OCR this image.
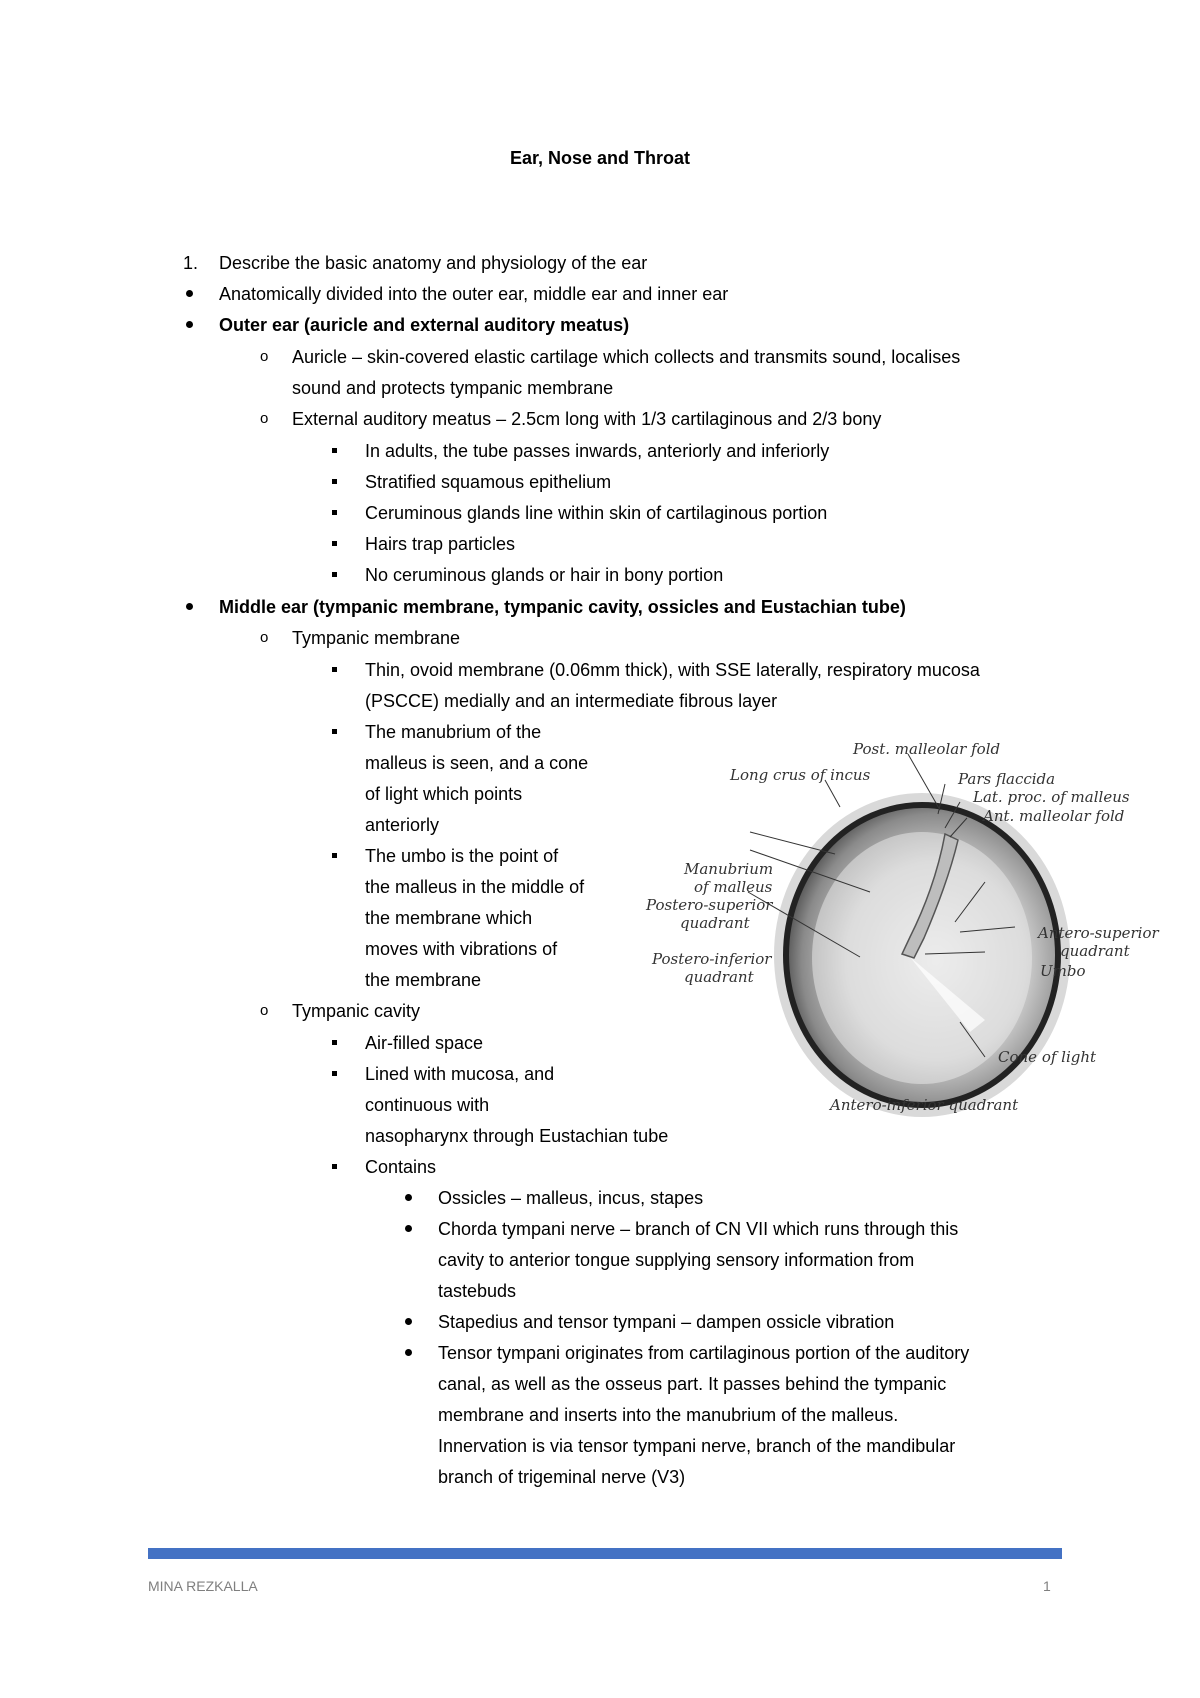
Ear, Nose and Throat
1. Describe the basic anatomy and physiology of the ear
Anatomically divided into the outer ear, middle ear and inner ear
Outer ear (auricle and external auditory meatus)
o Auricle – skin-covered elastic cartilage which collects and transmits sound, localises
sound and protects tympanic membrane
o External auditory meatus – 2.5cm long with 1/3 cartilaginous and 2/3 bony
In adults, the tube passes inwards, anteriorly and inferiorly
Stratified squamous epithelium
Ceruminous glands line within skin of cartilaginous portion
Hairs trap particles
No ceruminous glands or hair in bony portion
Middle ear (tympanic membrane, tympanic cavity, ossicles and Eustachian tube)
o Tympanic membrane
Thin, ovoid membrane (0.06mm thick), with SSE laterally, respiratory mucosa
(PSCCE) medially and an intermediate fibrous layer
The manubrium of the
malleus is seen, and a cone
of light which points
anteriorly
The umbo is the point of
the malleus in the middle of
the membrane which
moves with vibrations of
the membrane
o Tympanic cavity
Air-filled space
Lined with mucosa, and
continuous with
nasopharynx through Eustachian tube
Contains
Ossicles – malleus, incus, stapes
Chorda tympani nerve – branch of CN VII which runs through this
cavity to anterior tongue supplying sensory information from
tastebuds
Stapedius and tensor tympani – dampen ossicle vibration
Tensor tympani originates from cartilaginous portion of the auditory
canal, as well as the osseus part. It passes behind the tympanic
membrane and inserts into the manubrium of the malleus.
Innervation is via tensor tympani nerve, branch of the mandibular
branch of trigeminal nerve (V3)
Post. malleolar fold
Long crus of incus	Pars flaccida
Lat. proc. of malleus
Ant. malleolar fold
Manubrium
of malleus
Postero-superior
quadrant
Postero-inferior
quadrant
Antero-superior
quadrant
Umbo
Cone of light
Antero-inferior quadrant
MINA REZKALLA	1
